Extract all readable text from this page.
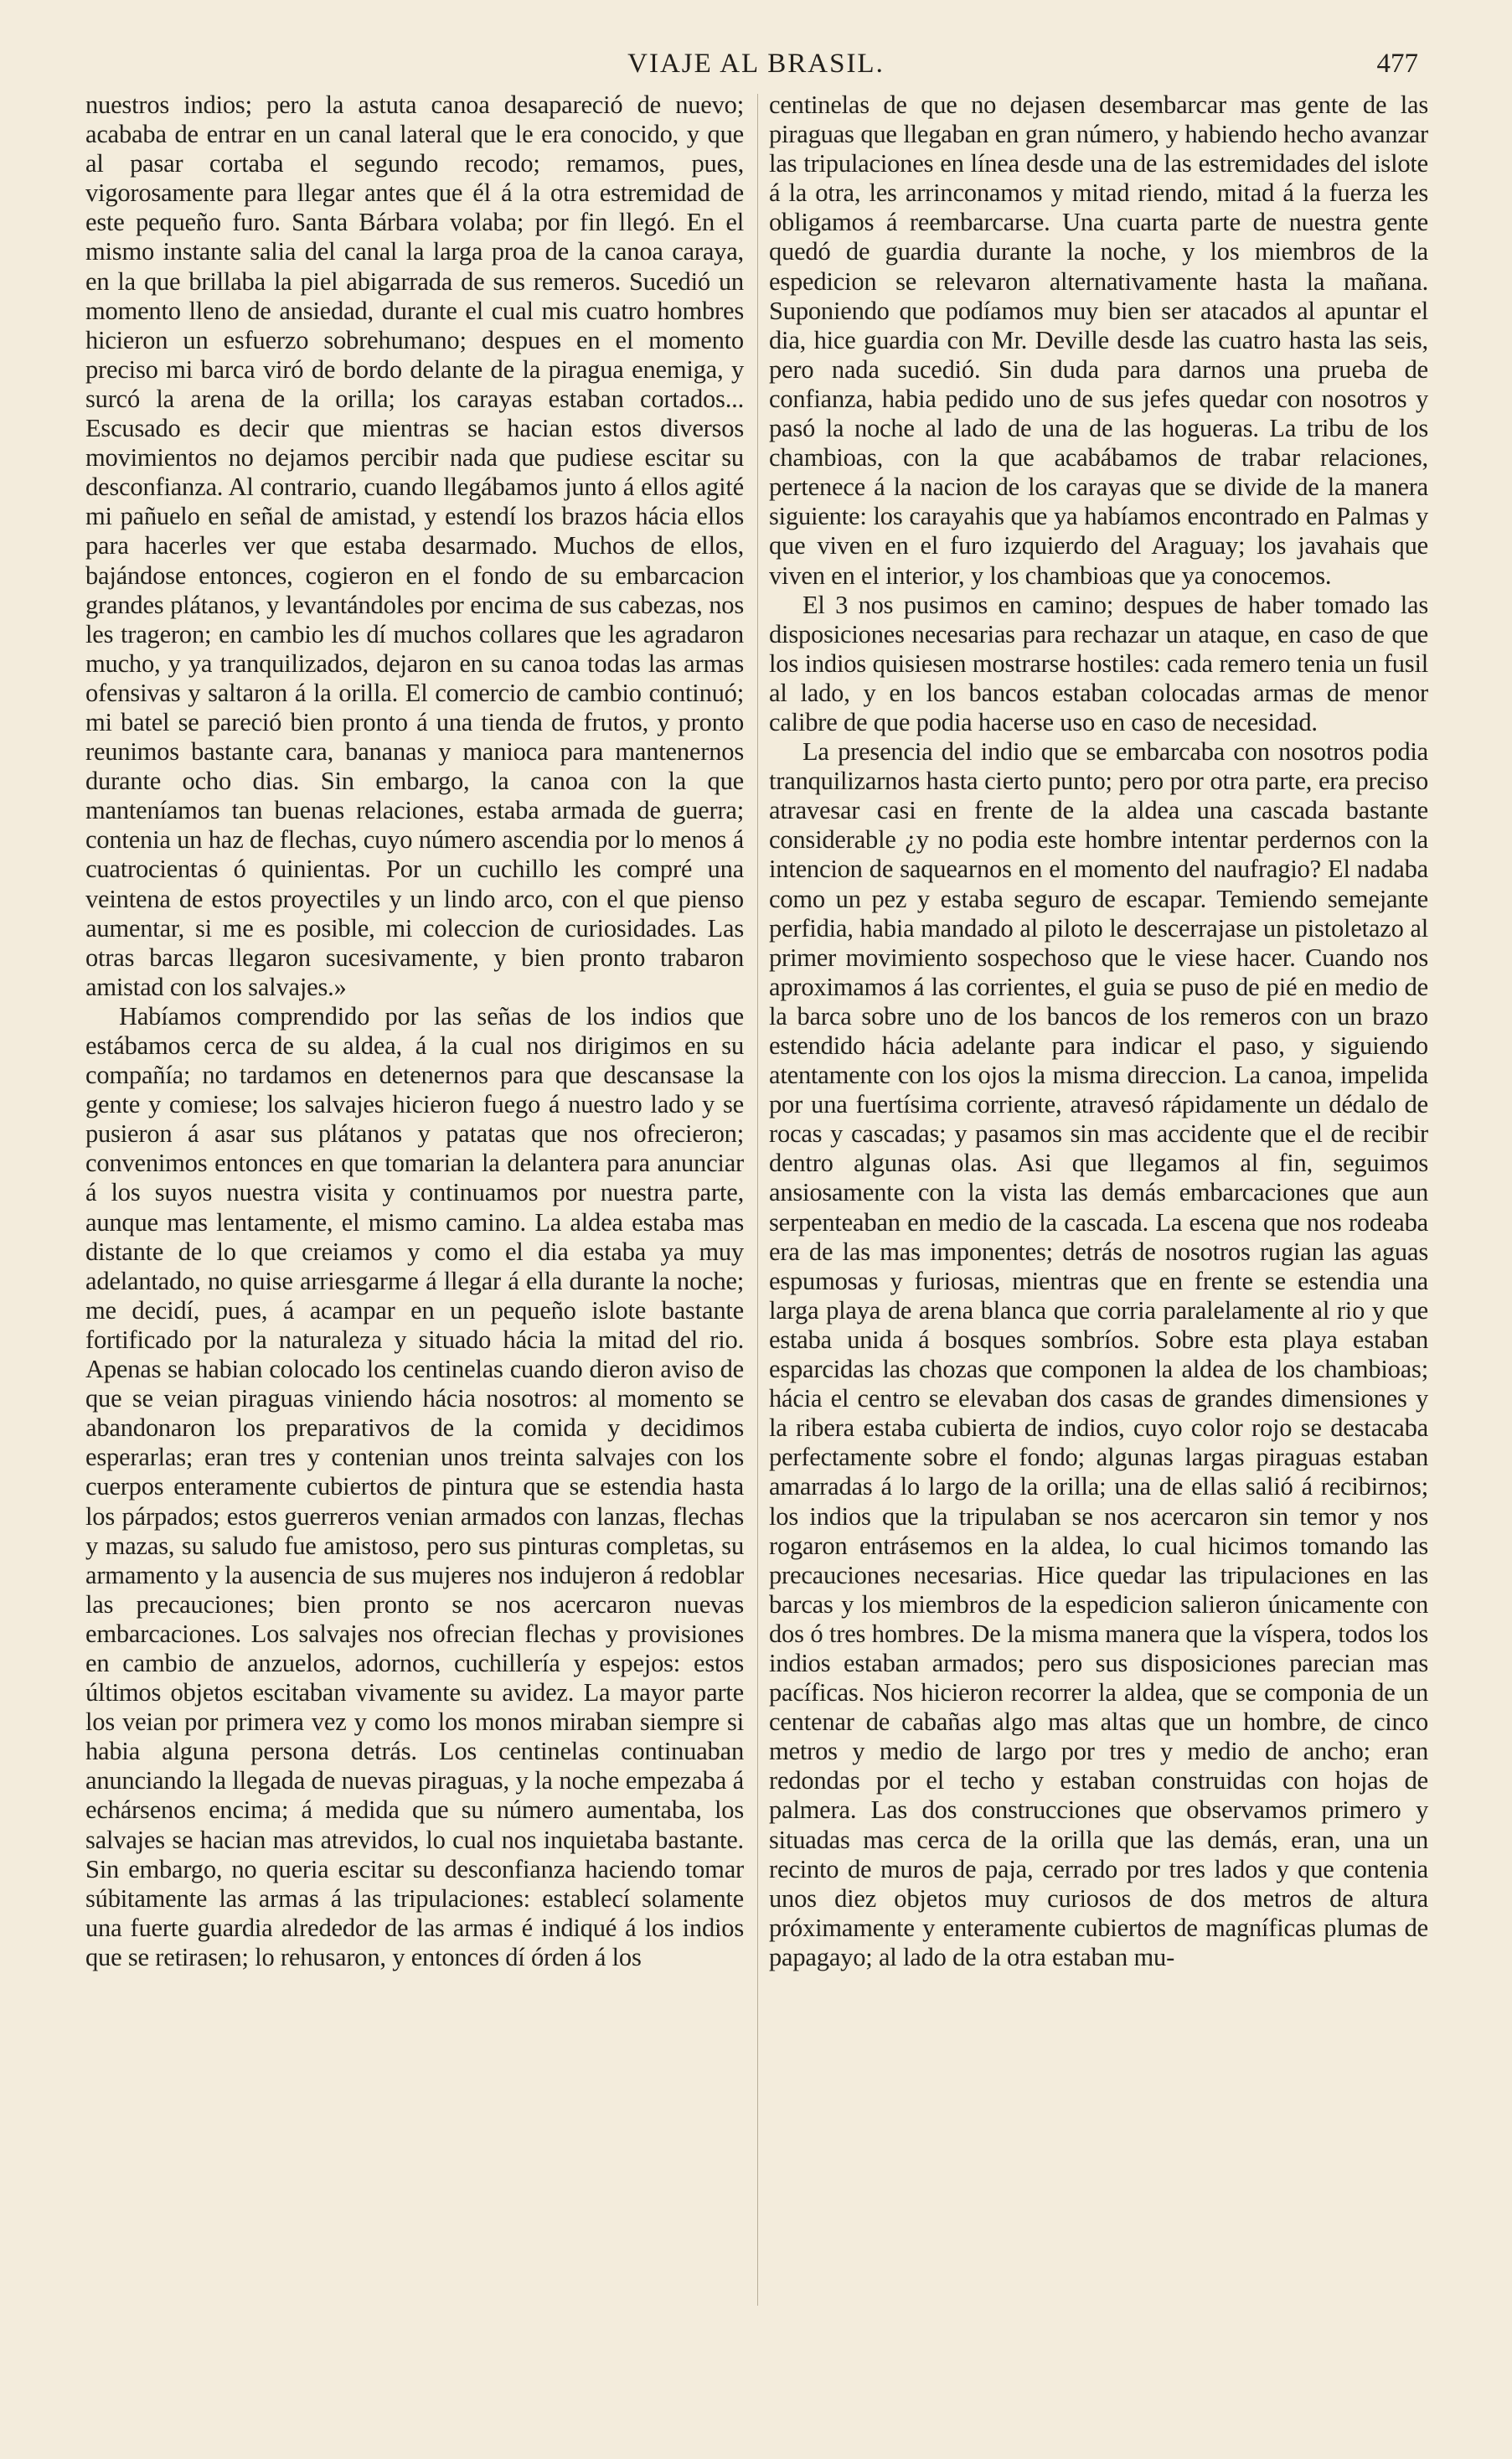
VIAJE AL BRASIL.	477

nuestros indios; pero la astuta canoa desapareció de nuevo; acababa de entrar en un canal lateral que le era conocido, y que al pasar cortaba el segundo recodo; remamos, pues, vigorosamente para llegar antes que él á la otra estremidad de este pequeño furo. Santa Bárbara volaba; por fin llegó. En el mismo instante salia del canal la larga proa de la canoa caraya, en la que brillaba la piel abigarrada de sus remeros. Sucedió un momento lleno de ansiedad, durante el cual mis cuatro hombres hicieron un esfuerzo sobrehumano; despues en el momento preciso mi barca viró de bordo delante de la piragua enemiga, y surcó la arena de la orilla; los carayas estaban cortados... Escusado es decir que mientras se hacian estos diversos movimientos no dejamos percibir nada que pudiese escitar su desconfianza. Al contrario, cuando llegábamos junto á ellos agité mi pañuelo en señal de amistad, y estendí los brazos hácia ellos para hacerles ver que estaba desarmado. Muchos de ellos, bajándose entonces, cogieron en el fondo de su embarcacion grandes plátanos, y levantándoles por encima de sus cabezas, nos les trageron; en cambio les dí muchos collares que les agradaron mucho, y ya tranquilizados, dejaron en su canoa todas las armas ofensivas y saltaron á la orilla. El comercio de cambio continuó; mi batel se pareció bien pronto á una tienda de frutos, y pronto reunimos bastante cara, bananas y manioca para mantenernos durante ocho dias. Sin embargo, la canoa con la que manteníamos tan buenas relaciones, estaba armada de guerra; contenia un haz de flechas, cuyo número ascendia por lo menos á cuatrocientas ó quinientas. Por un cuchillo les compré una veintena de estos proyectiles y un lindo arco, con el que pienso aumentar, si me es posible, mi coleccion de curiosidades. Las otras barcas llegaron sucesivamente, y bien pronto trabaron amistad con los salvajes.»

Habíamos comprendido por las señas de los indios que estábamos cerca de su aldea, á la cual nos dirigimos en su compañía; no tardamos en detenernos para que descansase la gente y comiese; los salvajes hicieron fuego á nuestro lado y se pusieron á asar sus plátanos y patatas que nos ofrecieron; convenimos entonces en que tomarian la delantera para anunciar á los suyos nuestra visita y continuamos por nuestra parte, aunque mas lentamente, el mismo camino. La aldea estaba mas distante de lo que creiamos y como el dia estaba ya muy adelantado, no quise arriesgarme á llegar á ella durante la noche; me decidí, pues, á acampar en un pequeño islote bastante fortificado por la naturaleza y situado hácia la mitad del rio. Apenas se habian colocado los centinelas cuando dieron aviso de que se veian piraguas viniendo hácia nosotros: al momento se abandonaron los preparativos de la comida y decidimos esperarlas; eran tres y contenian unos treinta salvajes con los cuerpos enteramente cubiertos de pintura que se estendia hasta los párpados; estos guerreros venian armados con lanzas, flechas y mazas, su saludo fue amistoso, pero sus pinturas completas, su armamento y la ausencia de sus mujeres nos indujeron á redoblar las precauciones; bien pronto se nos acercaron nuevas embarcaciones. Los salvajes nos ofrecian flechas y provisiones en cambio de anzuelos, adornos, cuchillería y espejos: estos últimos objetos escitaban vivamente su avidez. La mayor parte los veian por primera vez y como los monos miraban siempre si habia alguna persona detrás. Los centinelas continuaban anunciando la llegada de nuevas piraguas, y la noche empezaba á echársenos encima; á medida que su número aumentaba, los salvajes se hacian mas atrevidos, lo cual nos inquietaba bastante. Sin embargo, no queria escitar su desconfianza haciendo tomar súbitamente las armas á las tripulaciones: establecí solamente una fuerte guardia alrededor de las armas é indiqué á los indios que se retirasen; lo rehusaron, y entonces dí órden á los

centinelas de que no dejasen desembarcar mas gente de las piraguas que llegaban en gran número, y habiendo hecho avanzar las tripulaciones en línea desde una de las estremidades del islote á la otra, les arrinconamos y mitad riendo, mitad á la fuerza les obligamos á reembarcarse. Una cuarta parte de nuestra gente quedó de guardia durante la noche, y los miembros de la espedicion se relevaron alternativamente hasta la mañana. Suponiendo que podíamos muy bien ser atacados al apuntar el dia, hice guardia con Mr. Deville desde las cuatro hasta las seis, pero nada sucedió. Sin duda para darnos una prueba de confianza, habia pedido uno de sus jefes quedar con nosotros y pasó la noche al lado de una de las hogueras. La tribu de los chambioas, con la que acabábamos de trabar relaciones, pertenece á la nacion de los carayas que se divide de la manera siguiente: los carayahis que ya habíamos encontrado en Palmas y que viven en el furo izquierdo del Araguay; los javahais que viven en el interior, y los chambioas que ya conocemos.

El 3 nos pusimos en camino; despues de haber tomado las disposiciones necesarias para rechazar un ataque, en caso de que los indios quisiesen mostrarse hostiles: cada remero tenia un fusil al lado, y en los bancos estaban colocadas armas de menor calibre de que podia hacerse uso en caso de necesidad.

La presencia del indio que se embarcaba con nosotros podia tranquilizarnos hasta cierto punto; pero por otra parte, era preciso atravesar casi en frente de la aldea una cascada bastante considerable ¿y no podia este hombre intentar perdernos con la intencion de saquearnos en el momento del naufragio? El nadaba como un pez y estaba seguro de escapar. Temiendo semejante perfidia, habia mandado al piloto le descerrajase un pistoletazo al primer movimiento sospechoso que le viese hacer. Cuando nos aproximamos á las corrientes, el guia se puso de pié en medio de la barca sobre uno de los bancos de los remeros con un brazo estendido hácia adelante para indicar el paso, y siguiendo atentamente con los ojos la misma direccion. La canoa, impelida por una fuertísima corriente, atravesó rápidamente un dédalo de rocas y cascadas; y pasamos sin mas accidente que el de recibir dentro algunas olas. Asi que llegamos al fin, seguimos ansiosamente con la vista las demás embarcaciones que aun serpenteaban en medio de la cascada. La escena que nos rodeaba era de las mas imponentes; detrás de nosotros rugian las aguas espumosas y furiosas, mientras que en frente se estendia una larga playa de arena blanca que corria paralelamente al rio y que estaba unida á bosques sombríos. Sobre esta playa estaban esparcidas las chozas que componen la aldea de los chambioas; hácia el centro se elevaban dos casas de grandes dimensiones y la ribera estaba cubierta de indios, cuyo color rojo se destacaba perfectamente sobre el fondo; algunas largas piraguas estaban amarradas á lo largo de la orilla; una de ellas salió á recibirnos; los indios que la tripulaban se nos acercaron sin temor y nos rogaron entrásemos en la aldea, lo cual hicimos tomando las precauciones necesarias. Hice quedar las tripulaciones en las barcas y los miembros de la espedicion salieron únicamente con dos ó tres hombres. De la misma manera que la víspera, todos los indios estaban armados; pero sus disposiciones parecian mas pacíficas. Nos hicieron recorrer la aldea, que se componia de un centenar de cabañas algo mas altas que un hombre, de cinco metros y medio de largo por tres y medio de ancho; eran redondas por el techo y estaban construidas con hojas de palmera. Las dos construcciones que observamos primero y situadas mas cerca de la orilla que las demás, eran, una un recinto de muros de paja, cerrado por tres lados y que contenia unos diez objetos muy curiosos de dos metros de altura próximamente y enteramente cubiertos de magníficas plumas de papagayo; al lado de la otra estaban mu-
